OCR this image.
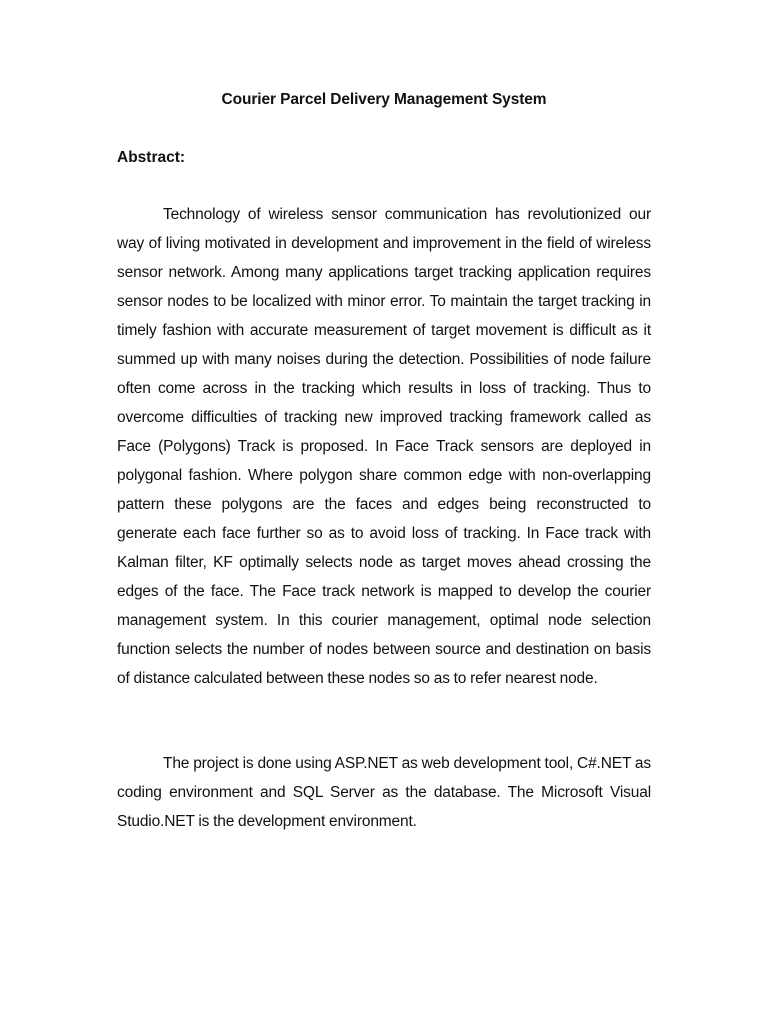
Courier Parcel Delivery Management System
Abstract:

Technology of wireless sensor communication has revolutionized our way of living motivated in development and improvement in the field of wireless sensor network. Among many applications target tracking application requires sensor nodes to be localized with minor error. To maintain the target tracking in timely fashion with accurate measurement of target movement is difficult as it summed up with many noises during the detection. Possibilities of node failure often come across in the tracking which results in loss of tracking. Thus to overcome difficulties of tracking new improved tracking framework called as Face (Polygons) Track is proposed. In Face Track sensors are deployed in polygonal fashion. Where polygon share common edge with non-overlapping pattern these polygons are the faces and edges being reconstructed to generate each face further so as to avoid loss of tracking. In Face track with Kalman filter, KF optimally selects node as target moves ahead crossing the edges of the face. The Face track network is mapped to develop the courier management system. In this courier management, optimal node selection function selects the number of nodes between source and destination on basis of distance calculated between these nodes so as to refer nearest node.

The project is done using ASP.NET as web development tool, C#.NET as coding environment and SQL Server as the database. The Microsoft Visual Studio.NET is the development environment.
